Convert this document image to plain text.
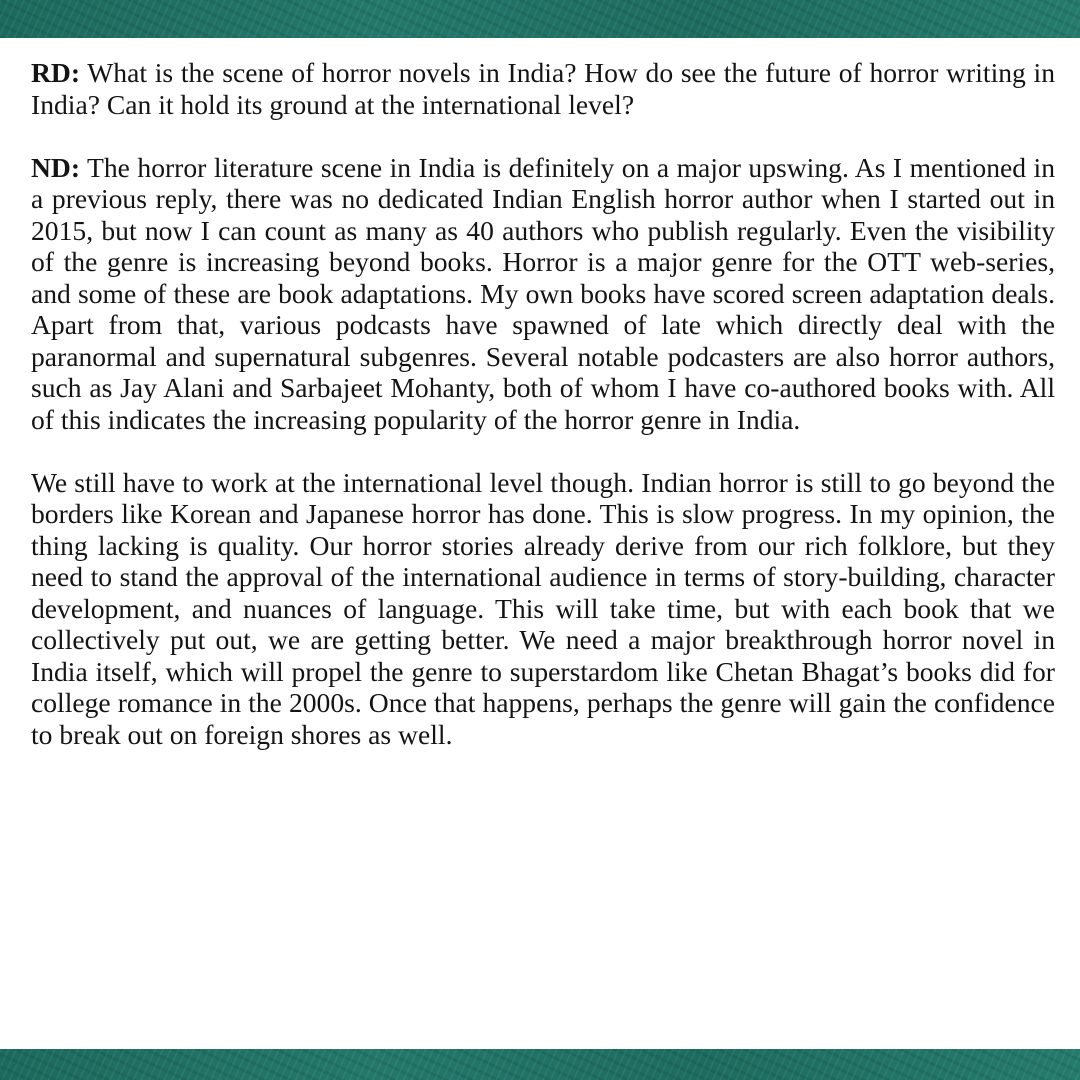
RD: What is the scene of horror novels in India? How do see the future of horror writing in India? Can it hold its ground at the international level?

ND: The horror literature scene in India is definitely on a major upswing. As I mentioned in a previous reply, there was no dedicated Indian English horror author when I started out in 2015, but now I can count as many as 40 authors who publish regularly. Even the visibility of the genre is increasing beyond books. Horror is a major genre for the OTT web-series, and some of these are book adaptations. My own books have scored screen adaptation deals. Apart from that, various podcasts have spawned of late which directly deal with the paranormal and supernatural subgenres. Several notable podcasters are also horror authors, such as Jay Alani and Sarbajeet Mohanty, both of whom I have co-authored books with. All of this indicates the increasing popularity of the horror genre in India.

We still have to work at the international level though. Indian horror is still to go beyond the borders like Korean and Japanese horror has done. This is slow progress. In my opinion, the thing lacking is quality. Our horror stories already derive from our rich folklore, but they need to stand the approval of the international audience in terms of story-building, character development, and nuances of language. This will take time, but with each book that we collectively put out, we are getting better. We need a major breakthrough horror novel in India itself, which will propel the genre to superstardom like Chetan Bhagat’s books did for college romance in the 2000s. Once that happens, perhaps the genre will gain the confidence to break out on foreign shores as well.
